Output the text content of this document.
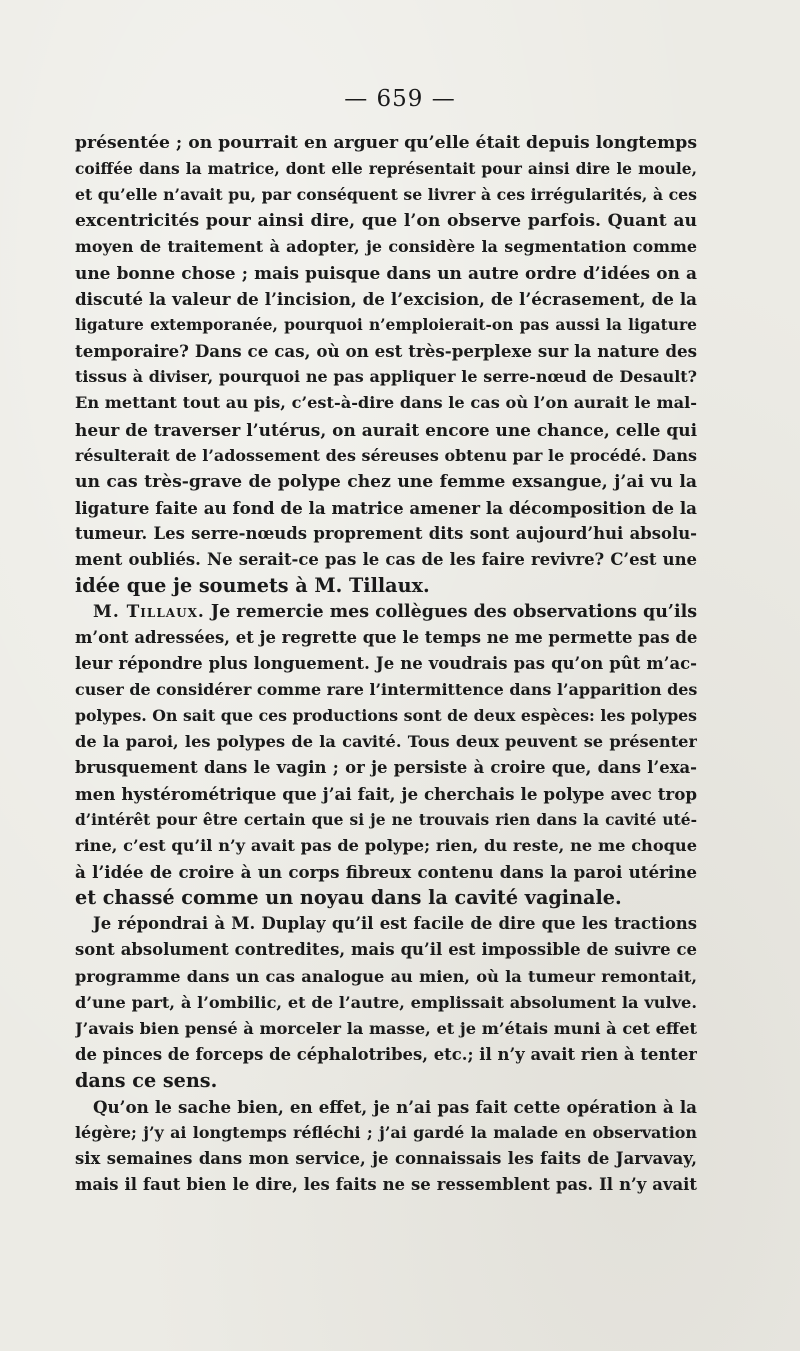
— 659 —
présentée ; on pourrait en arguer qu’elle était depuis longtemps
coiffée dans la matrice, dont elle représentait pour ainsi dire le moule,
et qu’elle n’avait pu, par conséquent se livrer à ces irrégularités, à ces
excentricités pour ainsi dire, que l’on observe parfois. Quant au
moyen de traitement à adopter, je considère la segmentation comme
une bonne chose ; mais puisque dans un autre ordre d’idées on a
discuté la valeur de l’incision, de l’excision, de l’écrasement, de la
ligature extemporanée, pourquoi n’emploierait-on pas aussi la ligature
temporaire? Dans ce cas, où on est très-perplexe sur la nature des
tissus à diviser, pourquoi ne pas appliquer le serre-nœud de Desault?
En mettant tout au pis, c’est-à-dire dans le cas où l’on aurait le mal-
heur de traverser l’utérus, on aurait encore une chance, celle qui
résulterait de l’adossement des séreuses obtenu par le procédé. Dans
un cas très-grave de polype chez une femme exsangue, j’ai vu la
ligature faite au fond de la matrice amener la décomposition de la
tumeur. Les serre-nœuds proprement dits sont aujourd’hui absolu-
ment oubliés. Ne serait-ce pas le cas de les faire revivre? C’est une
idée que je soumets à M. Tillaux.
M. Tillaux. Je remercie mes collègues des observations qu’ils
m’ont adressées, et je regrette que le temps ne me permette pas de
leur répondre plus longuement. Je ne voudrais pas qu’on pût m’ac-
cuser de considérer comme rare l’intermittence dans l’apparition des
polypes. On sait que ces productions sont de deux espèces: les polypes
de la paroi, les polypes de la cavité. Tous deux peuvent se présenter
brusquement dans le vagin ; or je persiste à croire que, dans l’exa-
men hystérométrique que j’ai fait, je cherchais le polype avec trop
d’intérêt pour être certain que si je ne trouvais rien dans la cavité uté-
rine, c’est qu’il n’y avait pas de polype; rien, du reste, ne me choque
à l’idée de croire à un corps fibreux contenu dans la paroi utérine
et chassé comme un noyau dans la cavité vaginale.
Je répondrai à M. Duplay qu’il est facile de dire que les tractions
sont absolument contredites, mais qu’il est impossible de suivre ce
programme dans un cas analogue au mien, où la tumeur remontait,
d’une part, à l’ombilic, et de l’autre, emplissait absolument la vulve.
J’avais bien pensé à morceler la masse, et je m’étais muni à cet effet
de pinces de forceps de céphalotribes, etc.; il n’y avait rien à tenter
dans ce sens.
Qu’on le sache bien, en effet, je n’ai pas fait cette opération à la
légère; j’y ai longtemps réfléchi ; j’ai gardé la malade en observation
six semaines dans mon service, je connaissais les faits de Jarvavay,
mais il faut bien le dire, les faits ne se ressemblent pas. Il n’y avait
